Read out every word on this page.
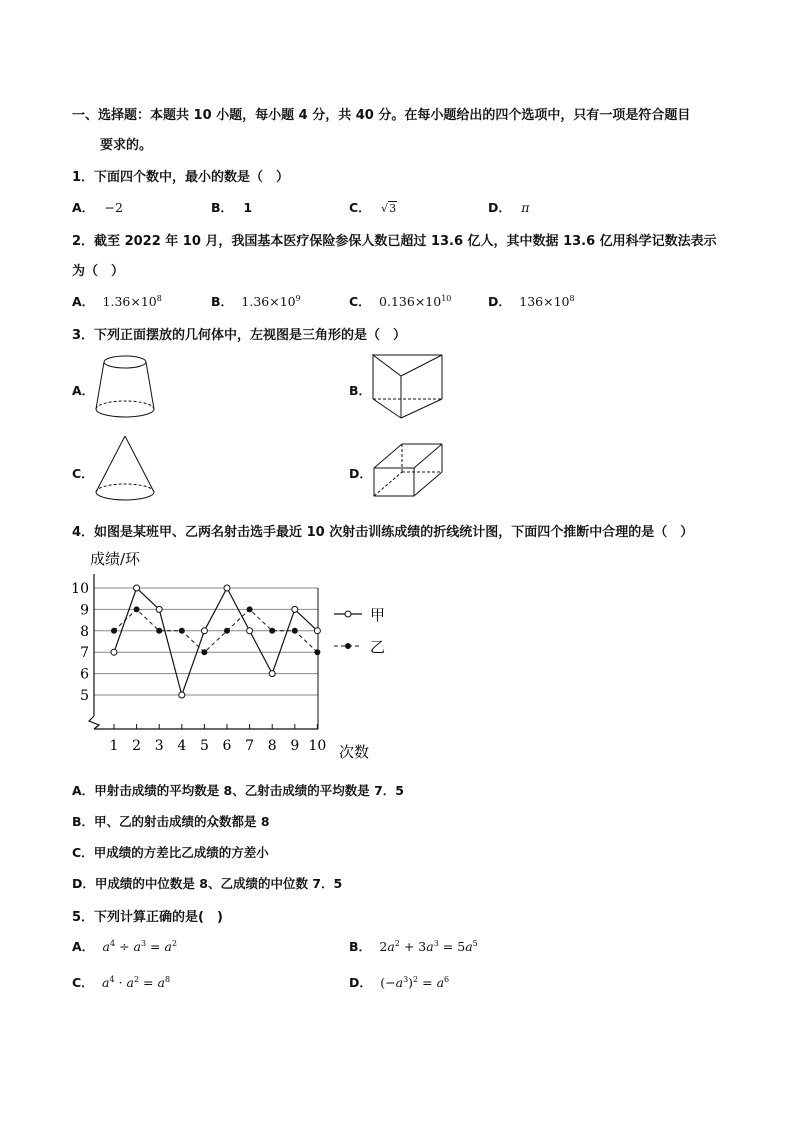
一、选择题：本题共 10 小题，每小题 4 分，共 40 分。在每小题给出的四个选项中，只有一项是符合题目
要求的。
1．下面四个数中，最小的数是（　）
A． −2	B． 1	C． √3	D． π
2．截至 2022 年 10 月，我国基本医疗保险参保人数已超过 13.6 亿人，其中数据 13.6 亿用科学记数法表示
为（　）
A． $1.36\times 10^8$	B． $1.36\times 10^9$	C． $0.136\times 10^{10}$	D． $136\times 10^8$
3．下列正面摆放的几何体中，左视图是三角形的是（　）
A．	B．
C．	D．
4．如图是某班甲、乙两名射击选手最近 10 次射击训练成绩的折线统计图，下面四个推断中合理的是（　）
成绩/环
5
6
7
8
9
10
1 2 3 4 5 6 7 8 9 10 次数
甲
乙
A．甲射击成绩的平均数是 8、乙射击成绩的平均数是 7．5
B．甲、乙的射击成绩的众数都是 8
C．甲成绩的方差比乙成绩的方差小
D．甲成绩的中位数是 8、乙成绩的中位数 7．5
5．下列计算正确的是(　)
A． $a^4 \div a^3 = a^2$	B． $2a^2 + 3a^3 = 5a^5$
C． $a^4 \cdot a^2 = a^8$	D． $(-a^3)^2 = a^6$
